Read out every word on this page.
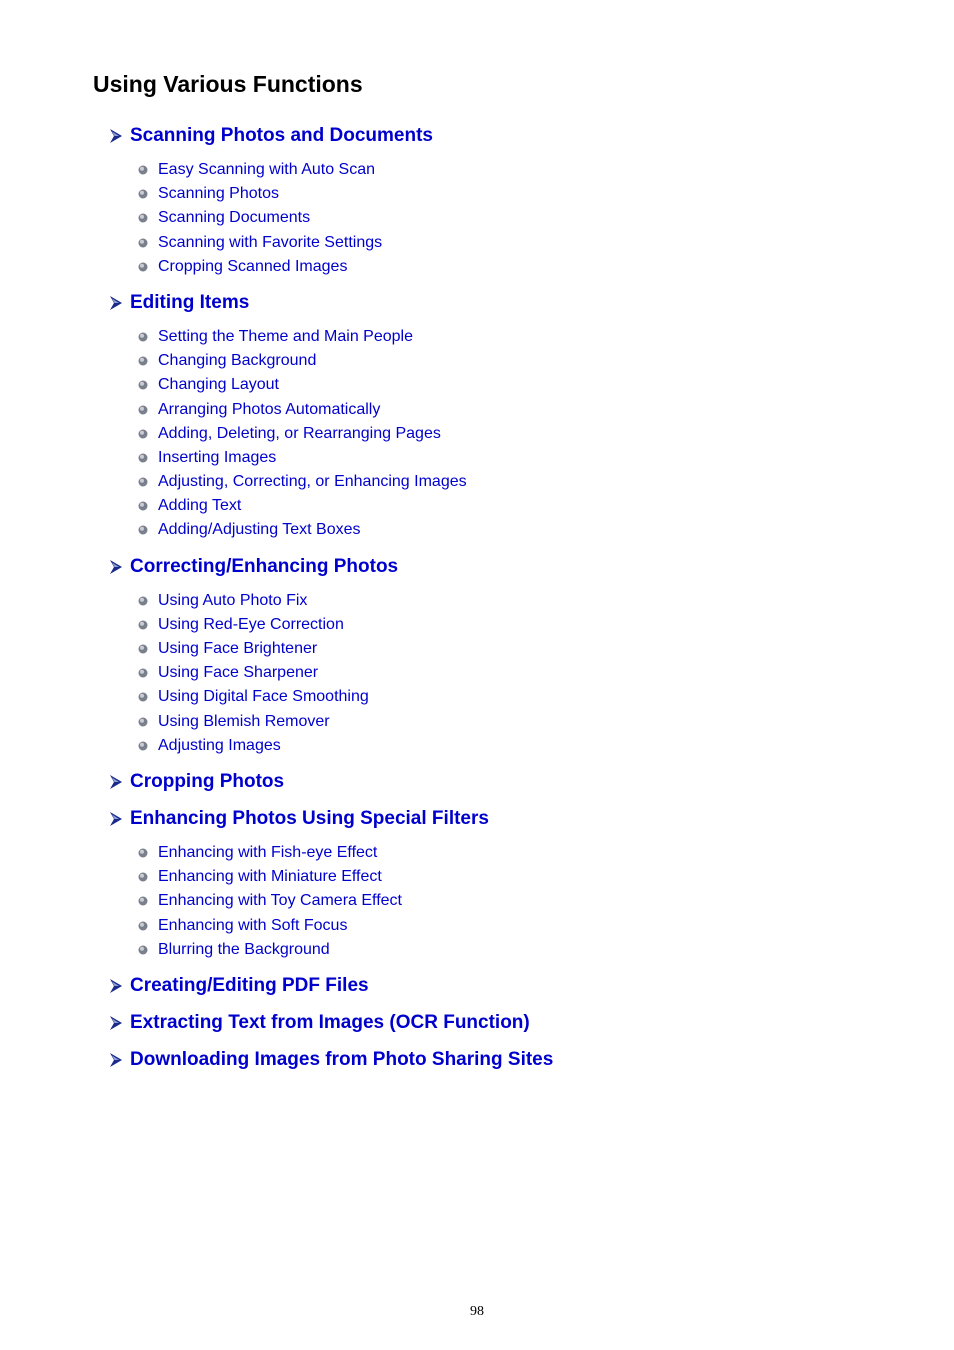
Using Various Functions
Scanning Photos and Documents
Easy Scanning with Auto Scan
Scanning Photos
Scanning Documents
Scanning with Favorite Settings
Cropping Scanned Images
Editing Items
Setting the Theme and Main People
Changing Background
Changing Layout
Arranging Photos Automatically
Adding, Deleting, or Rearranging Pages
Inserting Images
Adjusting, Correcting, or Enhancing Images
Adding Text
Adding/Adjusting Text Boxes
Correcting/Enhancing Photos
Using Auto Photo Fix
Using Red-Eye Correction
Using Face Brightener
Using Face Sharpener
Using Digital Face Smoothing
Using Blemish Remover
Adjusting Images
Cropping Photos
Enhancing Photos Using Special Filters
Enhancing with Fish-eye Effect
Enhancing with Miniature Effect
Enhancing with Toy Camera Effect
Enhancing with Soft Focus
Blurring the Background
Creating/Editing PDF Files
Extracting Text from Images (OCR Function)
Downloading Images from Photo Sharing Sites
98
